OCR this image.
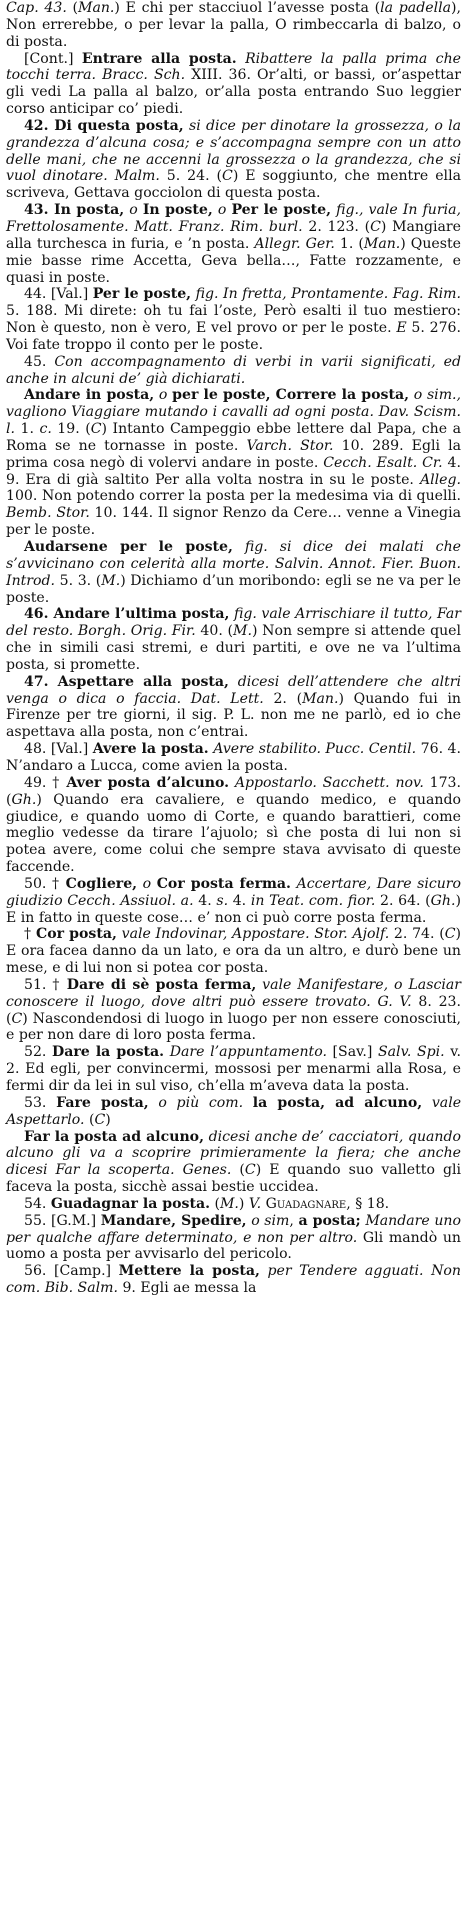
Cap. 43. (Man.) E chi per stacciuol l’avesse posta (la padella), Non errerebbe, o per levar la palla, O rimbeccarla di balzo, o di posta.

[Cont.] Entrare alla posta. Ribattere la palla prima che tocchi terra. Bracc. Sch. XIII. 36. Or’alti, or bassi, or’aspettar gli vedi La palla al balzo, or’alla posta entrando Suo leggier corso anticipar co’ piedi.

42. Di questa posta, si dice per dinotare la grossezza, o la grandezza d’alcuna cosa; e s’accompagna sempre con un atto delle mani, che ne accenni la grossezza o la grandezza, che si vuol dinotare. Malm. 5. 24. (C) E soggiunto, che mentre ella scriveva, Gettava gocciolon di questa posta.

43. In posta, o In poste, o Per le poste, fig., vale In furia, Frettolosamente. Matt. Franz. Rim. burl. 2. 123. (C) Mangiare alla turchesca in furia, e ’n posta. Allegr. Ger. 1. (Man.) Queste mie basse rime Accetta, Geva bella…, Fatte rozzamente, e quasi in poste.

44. [Val.] Per le poste, fig. In fretta, Prontamente. Fag. Rim. 5. 188. Mi direte: oh tu fai l’oste, Però esalti il tuo mestiero: Non è questo, non è vero, E vel provo or per le poste. E 5. 276. Voi fate troppo il conto per le poste.

45. Con accompagnamento di verbi in varii significati, ed anche in alcuni de’ già dichiarati.

Andare in posta, o per le poste, Correre la posta, o sim., vagliono Viaggiare mutando i cavalli ad ogni posta. Dav. Scism. l. 1. c. 19. (C) Intanto Campeggio ebbe lettere dal Papa, che a Roma se ne tornasse in poste. Varch. Stor. 10. 289. Egli la prima cosa negò di volervi andare in poste. Cecch. Esalt. Cr. 4. 9. Era di già saltito Per alla volta nostra in su le poste. Alleg. 100. Non potendo correr la posta per la medesima via di quelli. Bemb. Stor. 10. 144. Il signor Renzo da Cere… venne a Vinegia per le poste.

Audarsene per le poste, fig. si dice dei malati che s’avvicinano con celerità alla morte. Salvin. Annot. Fier. Buon. Introd. 5. 3. (M.) Dichiamo d’un moribondo: egli se ne va per le poste.

46. Andare l’ultima posta, fig. vale Arrischiare il tutto, Far del resto. Borgh. Orig. Fir. 40. (M.) Non sempre si attende quel che in simili casi stremi, e duri partiti, e ove ne va l’ultima posta, si promette.

47. Aspettare alla posta, dicesi dell’attendere che altri venga o dica o faccia. Dat. Lett. 2. (Man.) Quando fui in Firenze per tre giorni, il sig. P. L. non me ne parlò, ed io che aspettava alla posta, non c’entrai.

48. [Val.] Avere la posta. Avere stabilito. Pucc. Centil. 76. 4. N’andarο a Lucca, come avien la posta.

49. † Aver posta d’alcuno. Appostarlo. Sacchett. nov. 173. (Gh.) Quando era cavaliere, e quando medico, e quando giudice, e quando uomo di Corte, e quando barattieri, come meglio vedesse da tirare l’ajuolo; sì che posta di lui non si potea avere, come colui che sempre stava avvisato di queste faccende.

50. † Cogliere, o Cor posta ferma. Accertare, Dare sicuro giudizio Cecch. Assiuol. a. 4. s. 4. in Teat. com. fior. 2. 64. (Gh.) E in fatto in queste cose… e’ non ci può corre posta ferma.

† Cor posta, vale Indovinar, Appostare. Stor. Ajolf. 2. 74. (C) E ora facea danno da un lato, e ora da un altro, e durò bene un mese, e di lui non si potea cor posta.

51. † Dare di sè posta ferma, vale Manifestare, o Lasciar conoscere il luogo, dove altri può essere trovato. G. V. 8. 23. (C) Nascondendosi di luogo in luogo per non essere conosciuti, e per non dare di loro posta ferma.

52. Dare la posta. Dare l’appuntamento. [Sav.] Salv. Spi. v. 2. Ed egli, per convincermi, mossosi per menarmi alla Rosa, e fermi dir da lei in sul viso, ch’ella m’aveva data la posta.

53. Fare posta, o più com. la posta, ad alcuno, vale Aspettarlo. (C)

Far la posta ad alcuno, dicesi anche de’ cacciatori, quando alcuno gli va a scoprire primieramente la fiera; che anche dicesi Far la scoperta. Genes. (C) E quando suo valletto gli faceva la posta, sicchè assai bestie uccidea.

54. Guadagnar la posta. (M.) V. Guadagnare, § 18.

55. [G.M.] Mandare, Spedire, o sim, a posta; Mandare uno per qualche affare determinato, e non per altro. Gli mandò un uomo a posta per avvisarlo del pericolo.

56. [Camp.] Mettere la posta, per Tendere agguati. Non com. Bib. Salm. 9. Egli ae messa la
